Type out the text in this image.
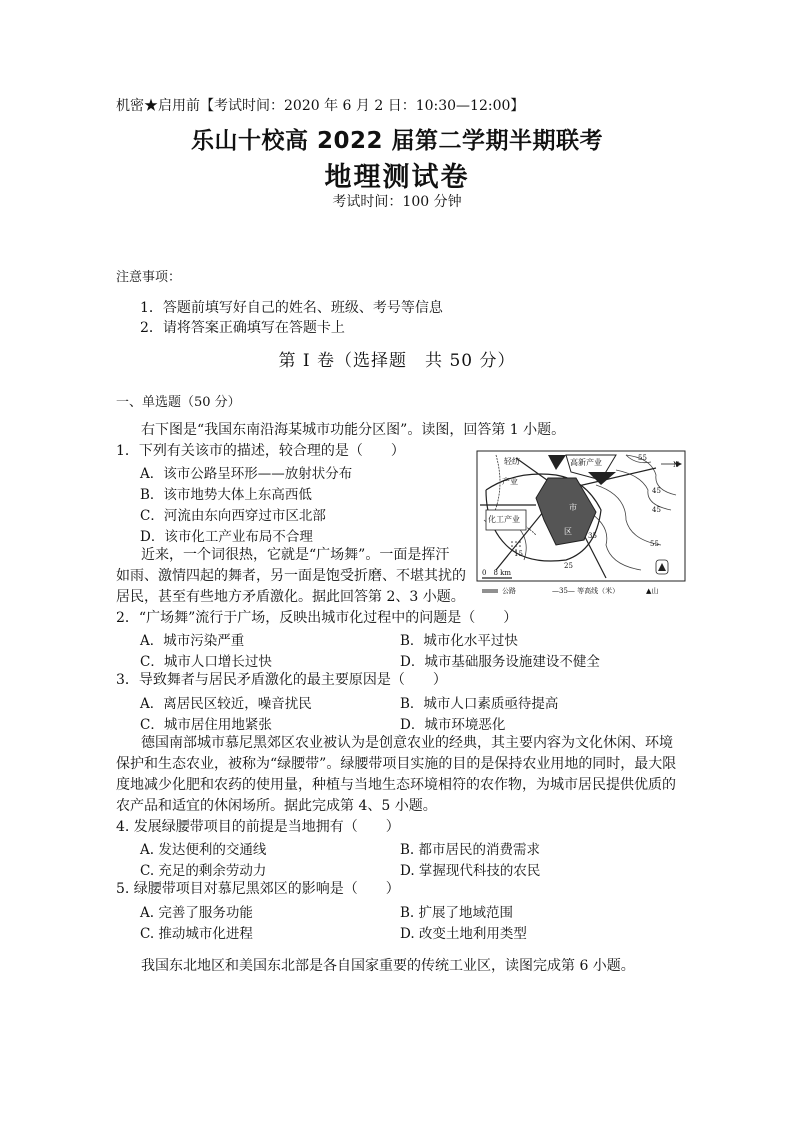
机密★启用前【考试时间：2020 年 6 月 2 日：10:30—12:00】
乐山十校高 2022 届第二学期半期联考
地理测试卷
考试时间：100 分钟
注意事项：
1．答题前填写好自己的姓名、班级、考号等信息
2．请将答案正确填写在答题卡上
第 I 卷（选择题　共 50 分）
一、单选题（50 分）
右下图是“我国东南沿海某城市功能分区图”。读图，回答第 1 小题。
1．下列有关该市的描述，较合理的是（　　）
A．该市公路呈环形——放射状分布
B．该市地势大体上东高西低
C．河流由东向西穿过市区北部
D．该市化工产业布局不合理
近来，一个词很热，它就是“广场舞”。一面是挥汗
如雨、激情四起的舞者，另一面是饱受折磨、不堪其扰的
居民，甚至有些地方矛盾激化。据此回答第 2、3 小题。
轻纺
产业
高新产业
化工产业
市
区
55
45
45
55
35
25
15
N
0　8 km
公路	—35— 等高线（米）	▲山
2．“广场舞”流行于广场，反映出城市化过程中的问题是（　　）
A．城市污染严重	B．城市化水平过快
C．城市人口增长过快	D．城市基础服务设施建设不健全
3．导致舞者与居民矛盾激化的最主要原因是（　　）
A．离居民区较近，噪音扰民	B．城市人口素质亟待提高
C．城市居住用地紧张	D．城市环境恶化
德国南部城市慕尼黑郊区农业被认为是创意农业的经典，其主要内容为文化休闲、环境
保护和生态农业，被称为“绿腰带”。绿腰带项目实施的目的是保持农业用地的同时，最大限
度地减少化肥和农药的使用量，种植与当地生态环境相符的农作物，为城市居民提供优质的
农产品和适宜的休闲场所。据此完成第 4、5 小题。
4. 发展绿腰带项目的前提是当地拥有（　　）
A. 发达便利的交通线	B. 都市居民的消费需求
C. 充足的剩余劳动力	D. 掌握现代科技的农民
5. 绿腰带项目对慕尼黑郊区的影响是（　　）
A. 完善了服务功能	B. 扩展了地域范围
C. 推动城市化进程	D. 改变土地利用类型
我国东北地区和美国东北部是各自国家重要的传统工业区，读图完成第 6 小题。
